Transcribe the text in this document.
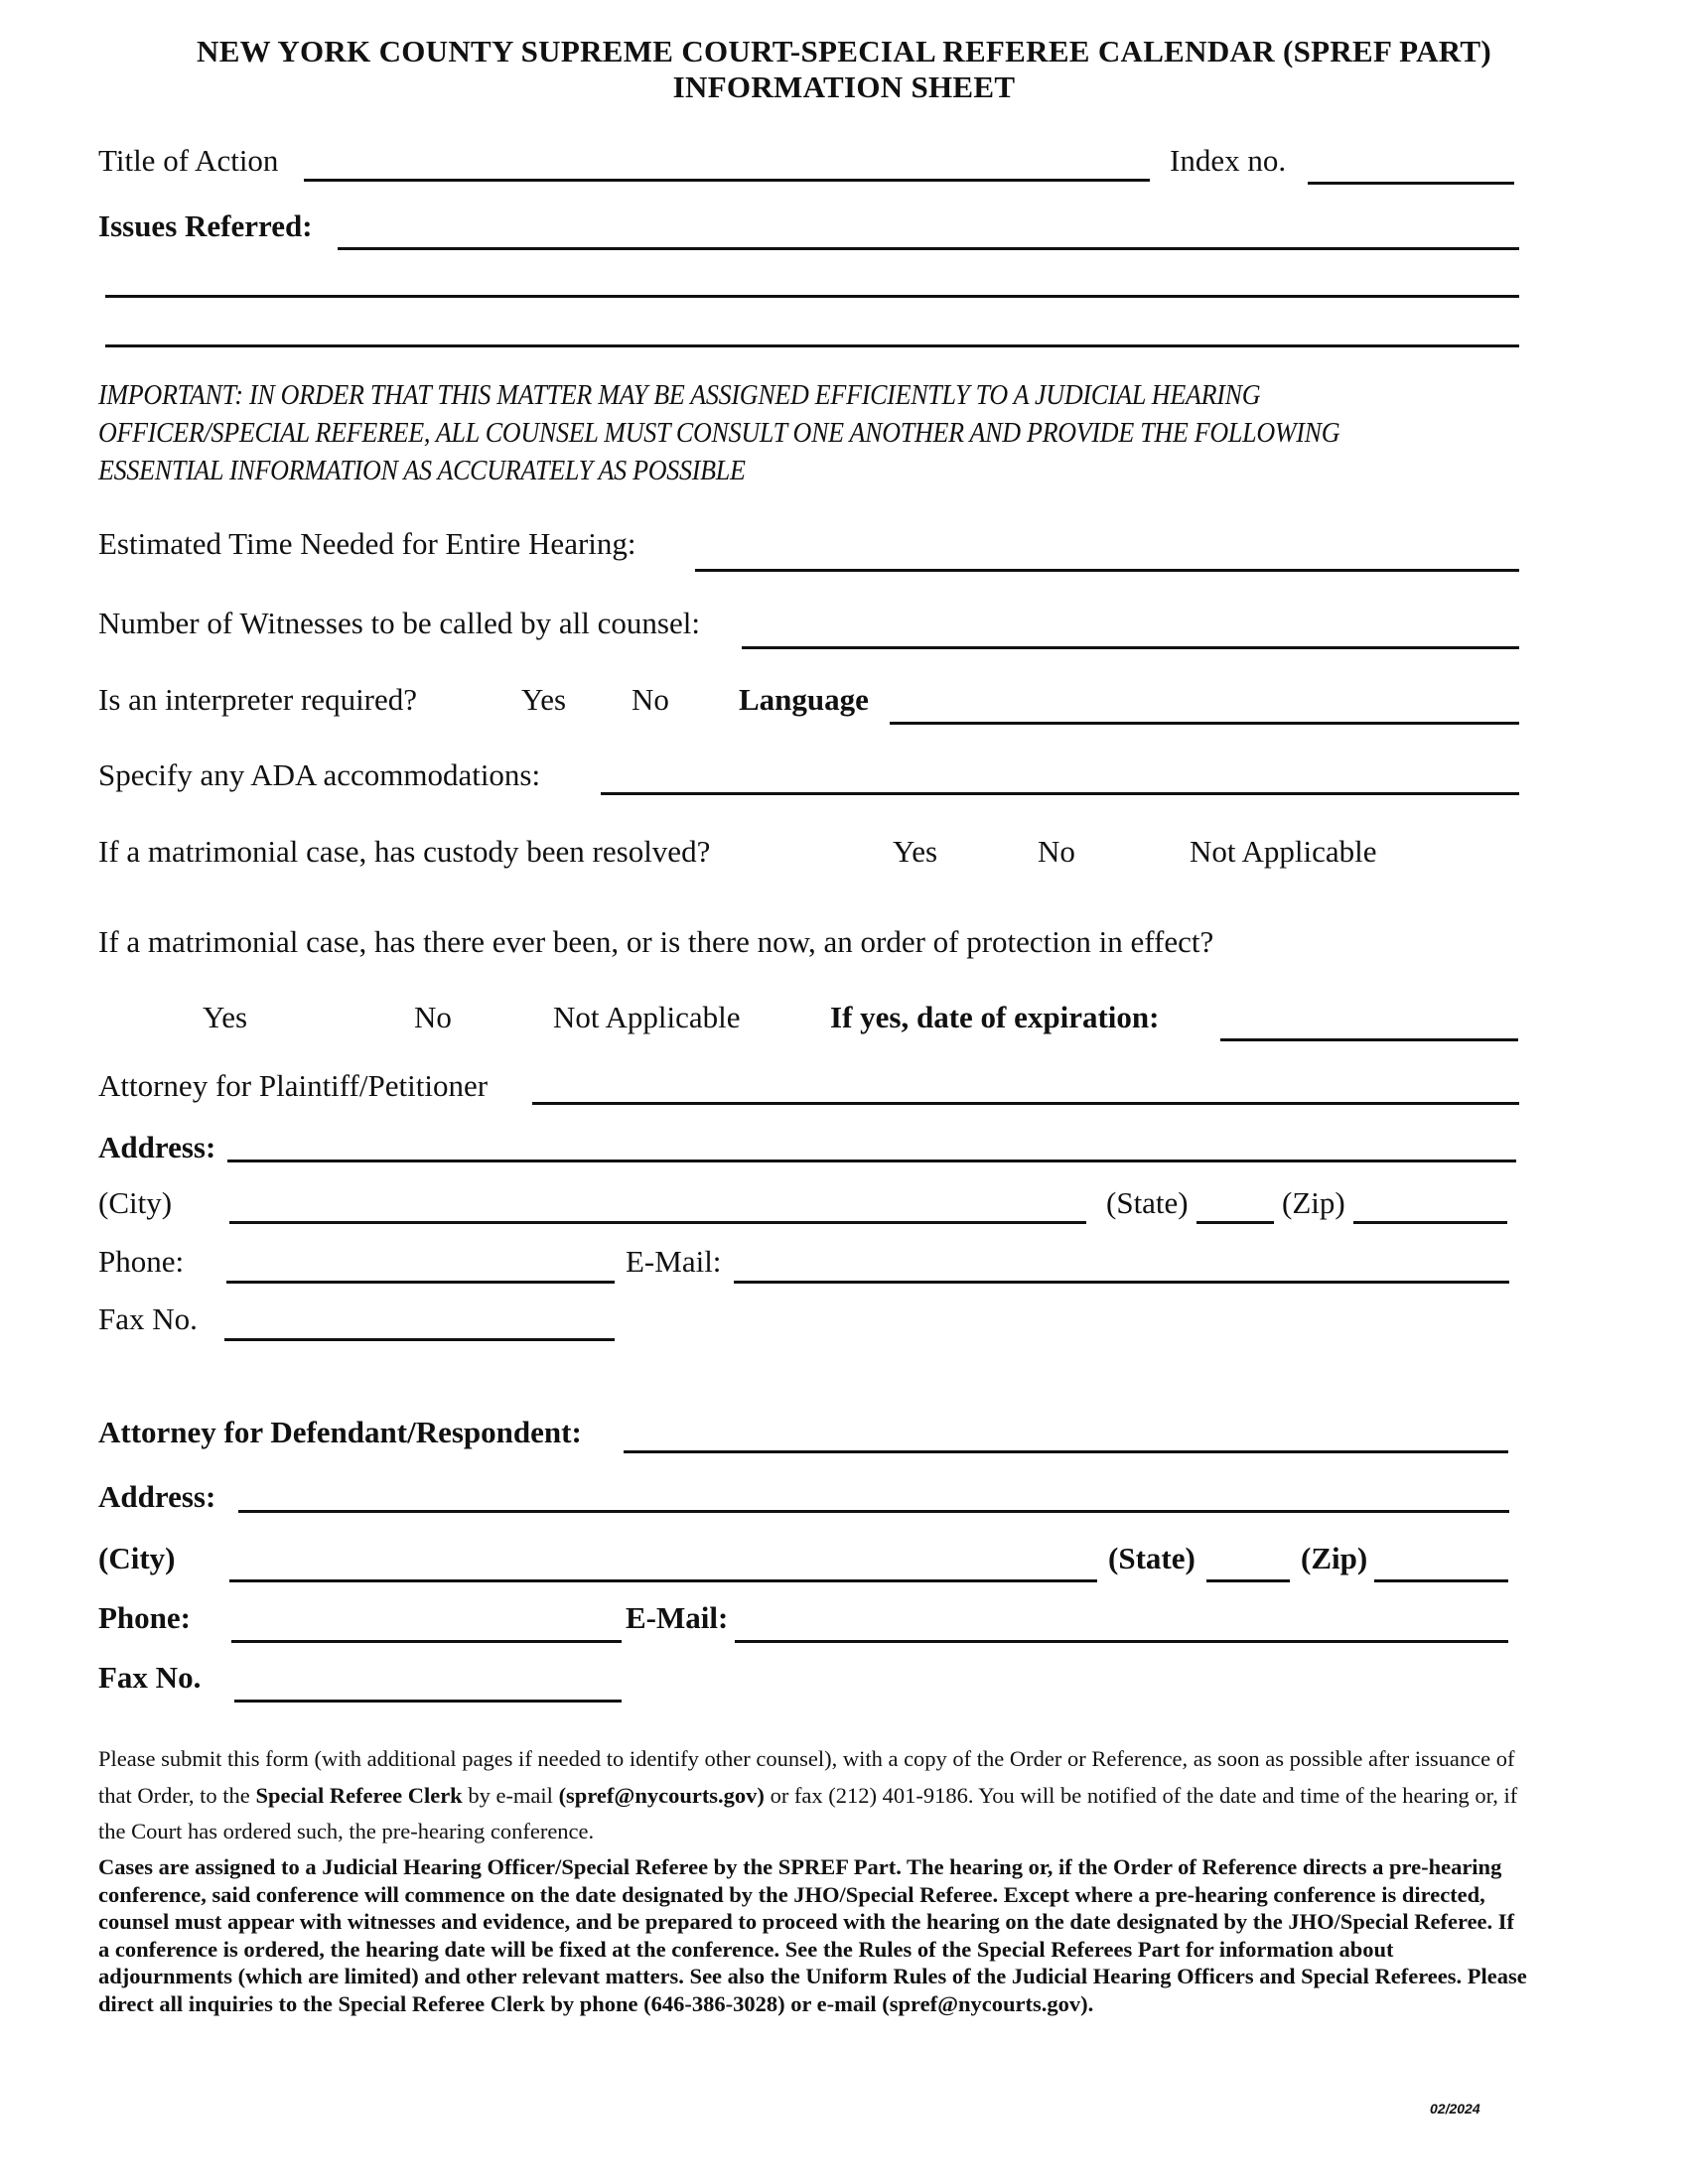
NEW YORK COUNTY SUPREME COURT-SPECIAL REFEREE CALENDAR (SPREF PART)
INFORMATION SHEET
Title of Action	Index no.
Issues Referred:
IMPORTANT: IN ORDER THAT THIS MATTER MAY BE ASSIGNED EFFICIENTLY TO A JUDICIAL HEARING OFFICER/SPECIAL REFEREE, ALL COUNSEL MUST CONSULT ONE ANOTHER AND PROVIDE THE FOLLOWING ESSENTIAL INFORMATION AS ACCURATELY AS POSSIBLE
Estimated Time Needed for Entire Hearing:
Number of Witnesses to be called by all counsel:
Is an interpreter required?	Yes No Language
Specify any ADA accommodations:
If a matrimonial case, has custody been resolved?	Yes	No	Not Applicable
If a matrimonial case, has there ever been, or is there now, an order of protection in effect?
Yes	No	Not Applicable	If yes, date of expiration:
Attorney for Plaintiff/Petitioner
Address:
(City)	(State)	(Zip)
Phone:	E-Mail:
Fax No.
Attorney for Defendant/Respondent:
Address:
(City)	(State)	(Zip)
Phone:	E-Mail:
Fax No.
Please submit this form (with additional pages if needed to identify other counsel), with a copy of the Order or Reference, as soon as possible after issuance of that Order, to the Special Referee Clerk by e-mail (spref@nycourts.gov) or fax (212) 401-9186. You will be notified of the date and time of the hearing or, if the Court has ordered such, the pre-hearing conference.
Cases are assigned to a Judicial Hearing Officer/Special Referee by the SPREF Part. The hearing or, if the Order of Reference directs a pre-hearing conference, said conference will commence on the date designated by the JHO/Special Referee. Except where a pre-hearing conference is directed, counsel must appear with witnesses and evidence, and be prepared to proceed with the hearing on the date designated by the JHO/Special Referee. If a conference is ordered, the hearing date will be fixed at the conference. See the Rules of the Special Referees Part for information about adjournments (which are limited) and other relevant matters. See also the Uniform Rules of the Judicial Hearing Officers and Special Referees. Please direct all inquiries to the Special Referee Clerk by phone (646-386-3028) or e-mail (spref@nycourts.gov).
02/2024
